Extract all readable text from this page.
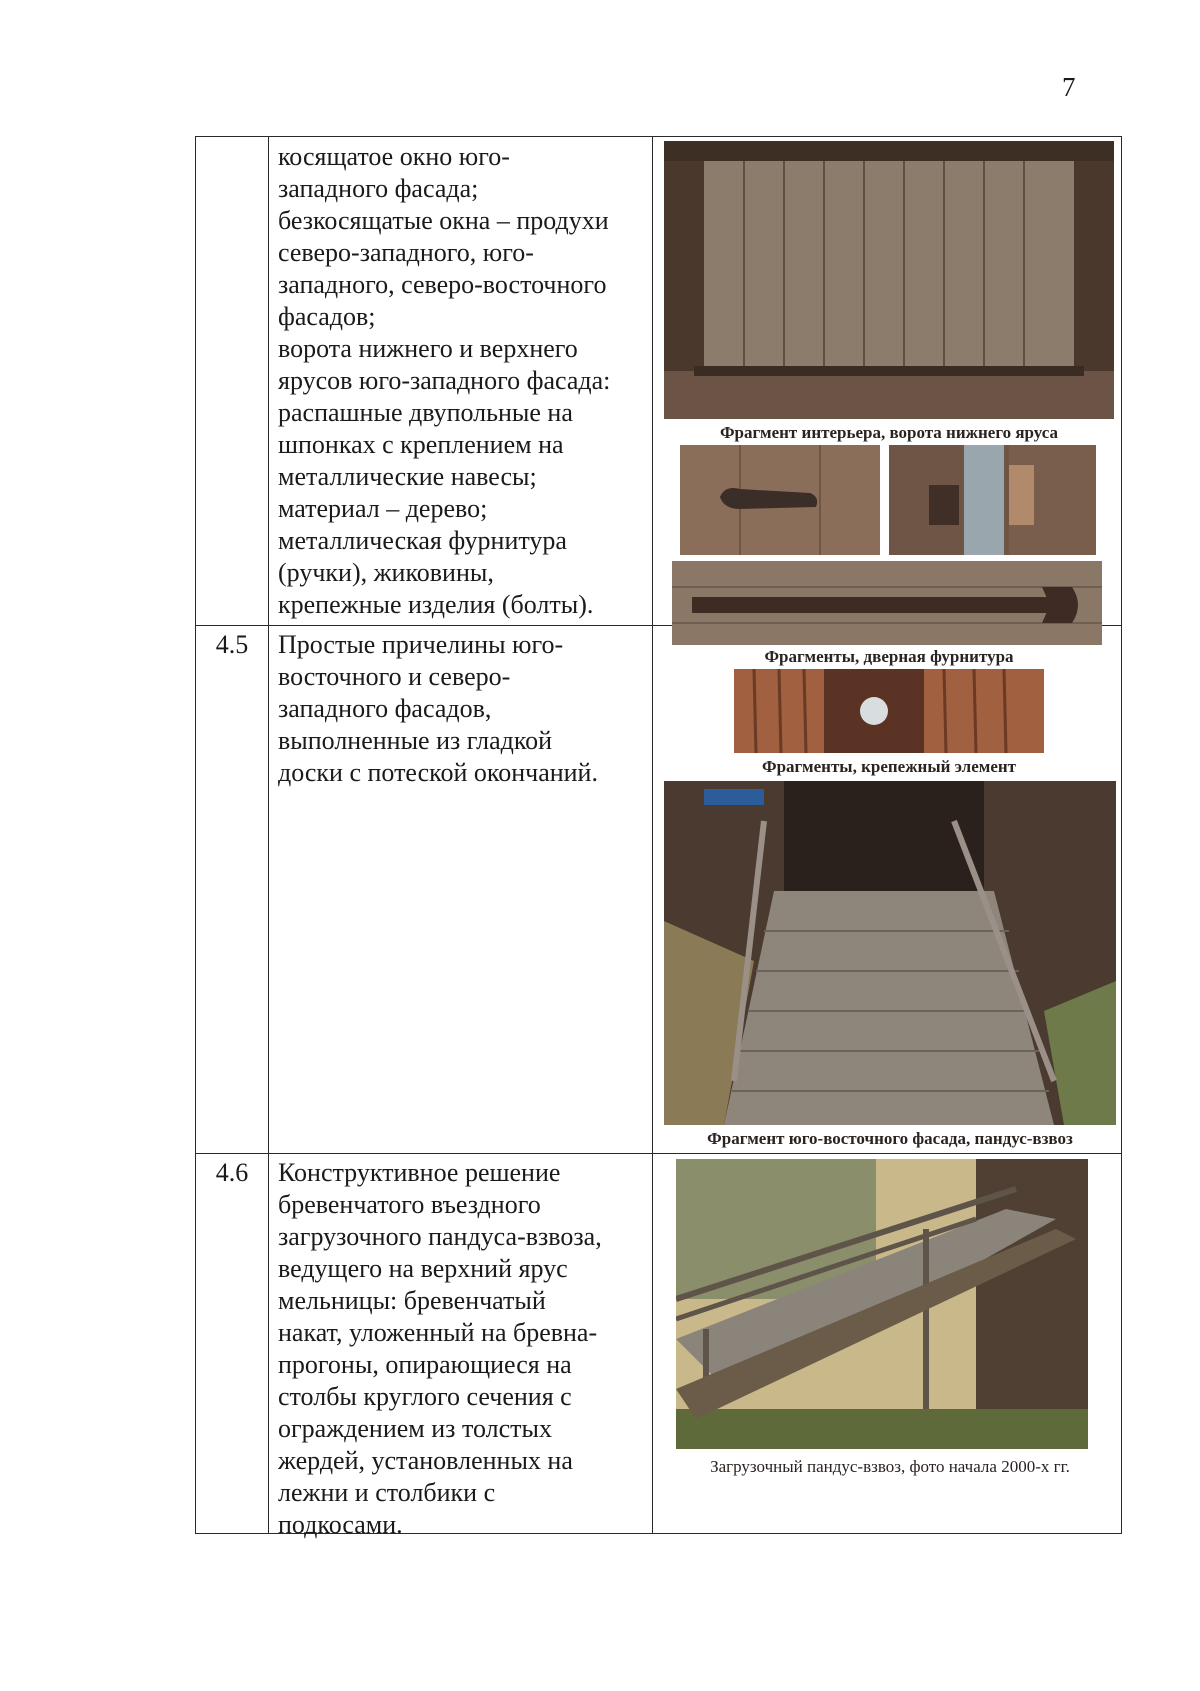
7
косящатое окно юго-
западного фасада;
безкосящатые окна – продухи
северо-западного, юго-
западного, северо-восточного
фасадов;
ворота нижнего и верхнего
ярусов юго-западного фасада:
распашные двупольные на
шпонках с креплением на
металлические навесы;
материал – дерево;
металлическая фурнитура
(ручки), жиковины,
крепежные изделия (болты).
4.5	Простые причелины юго-
восточного и северо-
западного фасадов,
выполненные из гладкой
доски с потеской окончаний.
4.6	Конструктивное решение
бревенчатого въездного
загрузочного пандуса-взвоза,
ведущего на верхний ярус
мельницы: бревенчатый
накат, уложенный на бревна-
прогоны, опирающиеся на
столбы круглого сечения с
ограждением из толстых
жердей, установленных на
лежни и столбики с
подкосами.
Фрагмент интерьера, ворота нижнего яруса
Фрагменты, дверная фурнитура
Фрагменты, крепежный элемент
Фрагмент юго-восточного фасада, пандус-взвоз
Загрузочный пандус-взвоз, фото начала 2000-х гг.
